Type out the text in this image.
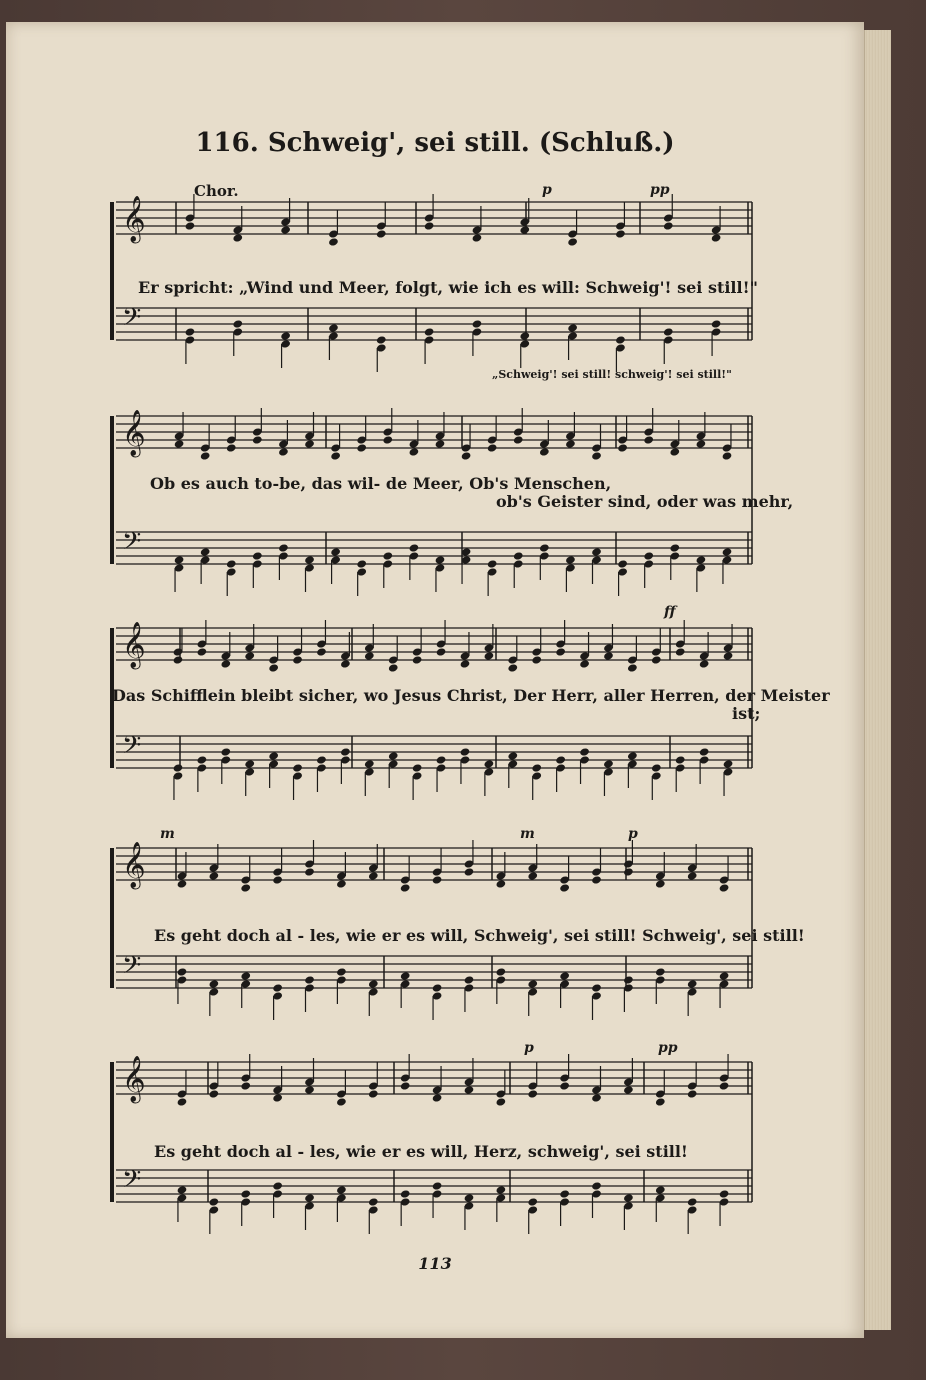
116. Schweig', sei still. (Schluß.)
Chor.	p	pp
𝄞
𝄢
Er spricht: „Wind und Meer, folgt, wie ich es will: Schweig'! sei still!"
„Schweig'! sei still! schweig'! sei still!"
𝄞
𝄢
Ob es auch to-be, das wil- de Meer, Ob's Menschen,
ob's Geister sind, oder was mehr,
ff
𝄞
𝄢
Das Schifflein bleibt sicher, wo Jesus Christ, Der Herr, aller Herren, der Meister
ist;
m	m	p
𝄞
𝄢
Es geht doch al - les, wie er es will, Schweig', sei still! Schweig', sei still!
p	pp
𝄞
𝄢
Es geht doch al - les, wie er es will, Herz, schweig', sei still!
113
